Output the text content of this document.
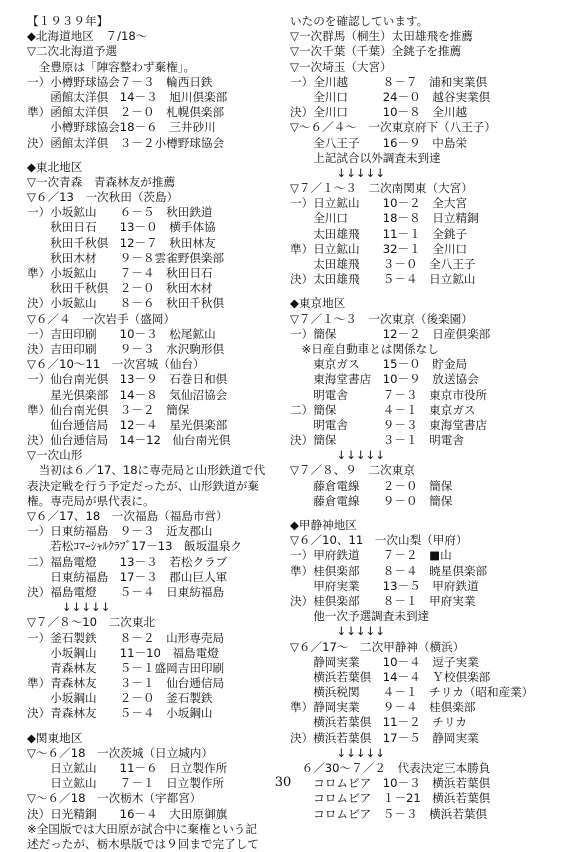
【１９３９年】
◆北海道地区　７/18～
▽二次北海道予選
　全豊原は「陣容整わず棄権」。
一）小樽野球協会７－３　輪西日鉄
　　函館太洋倶　14－３　旭川倶楽部
準）函館太洋倶　２－０　札幌倶楽部
　　小樽野球協会18－６　三井砂川
決）函館太洋倶　３－２小樽野球協会
◆東北地区
▽一次青森　青森林友が推薦
▽６／13　一次秋田（茨島）
一）小坂鉱山　　６－５　秋田鉄道
　　秋田日石　　13－０　横手体協
　　秋田千秋倶　12－７　秋田林友
　　秋田木材　　９－８雲雀野倶楽部
準）小坂鉱山　　７－４　秋田日石
　　秋田千秋倶　２－０　秋田木材
決）小坂鉱山　　８－６　秋田千秋倶
▽６／４　一次岩手（盛岡）
一）吉田印刷　　10－３　松尾鉱山
決）吉田印刷　　９－３　水沢駒形倶
▽６／10～11　一次宮城（仙台）
一）仙台南光倶　13－９　石巻日和倶
　　星光倶楽部　14－８　気仙沼協会
準）仙台南光倶　３－２　簡保
　　仙台逓信局　12－４　星光倶楽部
決）仙台逓信局　14－12　仙台南光倶
▽一次山形
　当初は６／17、18に専売局と山形鉄道で代
表決定戦を行う予定だったが、山形鉄道が棄
権。専売局が県代表に。
▽６／17、18　一次福島（福島市営）
一）日東紡福島　９－３　近友郡山
　　若松ｺﾏｰｼｬﾙｸﾗﾌﾞ17－13　飯坂温泉ク
二）福島電燈　　13－３　若松クラブ
　　日東紡福島　17－３　郡山巨人軍
決）福島電燈　　５－４　日東紡福島
　　　↓↓↓↓↓
▽７／８～10　二次東北
一）釜石製鉄　　８－２　山形専売局
　　小坂鋼山　　11－10　福島電燈
　　青森林友　　５－１盛岡吉田印刷
準）青森林友　　３－１　仙台逓信局
　　小坂鋼山　　２－０　釜石製鉄
決）青森林友　　５－４　小坂鋼山
◆関東地区
▽～６／18　一次茨城（日立城内）
　　日立鉱山　　11－６　日立製作所
　　日立鉱山　　７－１　日立製作所
▽～６／18　一次栃木（宇都宮）
決）日光精銅　　16－４　大田原御旗
※全国版では大田原が試合中に棄権という記
述だったが、栃木県版では９回まで完了して
いたのを確認しています。
▽一次群馬（桐生）太田雄飛を推薦
▽一次千葉（千葉）全銚子を推薦
▽一次埼玉（大宮）
一）全川越　　　８－７　浦和実業倶
　　全川口　　　24－０　越谷実業倶
決）全川口　　　10－８　全川越
▽～６／４～　一次東京府下（八王子）
　　全八王子　　16－９　中島栄
　　上記試合以外調査未到達
　　　　↓↓↓↓↓
▽７／１～３　二次南関東（大宮）
一）日立鉱山　　10－２　全大宮
　　全川口　　　18－８　日立精銅
　　太田雄飛　　11－１　全銚子
準）日立鉱山　　32－１　全川口
　　太田雄飛　　３－０　全八王子
決）太田雄飛　　５－４　日立鉱山
◆東京地区
▽７／１～３　一次東京（後楽園）
一）簡保　　　　12－２　日産倶楽部
　※日産自動車とは関係なし
　　東京ガス　　15－０　貯金局
　　東海堂書店　10－９　放送協会
　　明電舎　　　７－３　東京市役所
二）簡保　　　　４－１　東京ガス
　　明電舎　　　９－３　東海堂書店
決）簡保　　　　３－１　明電舎
　　　　↓↓↓↓↓
▽７／８、９　二次東京
　　藤倉電線　　２－０　簡保
　　藤倉電線　　９－０　簡保
◆甲静神地区
▽６／10、11　一次山梨（甲府）
一）甲府鉄道　　７－２　■山
準）桂倶楽部　　８－４　暁星倶楽部
　　甲府実業　　13－５　甲府鉄道
決）桂倶楽部　　８－１　甲府実業
　　他一次予選調査未到達
　　　　↓↓↓↓↓
▽６／17～　二次甲静神（横浜）
　　静岡実業　　10－４　逗子実業
　　横浜若葉倶　14－４　Ｙ校倶楽部
　　横浜税関　　４－１　チリカ（昭和産業）
準）静岡実業　　９－４　桂倶楽部
　　横浜若葉倶　11－２　チリカ
決）横浜若葉倶　17－５　静岡実業
　　　　↓↓↓↓↓
　６／30～７／２　代表決定三本勝負
　　コロムビア　10－３　横浜若葉倶
　　コロムビア　１－21　横浜若葉倶
　　コロムビア　５－３　横浜若葉倶
30
